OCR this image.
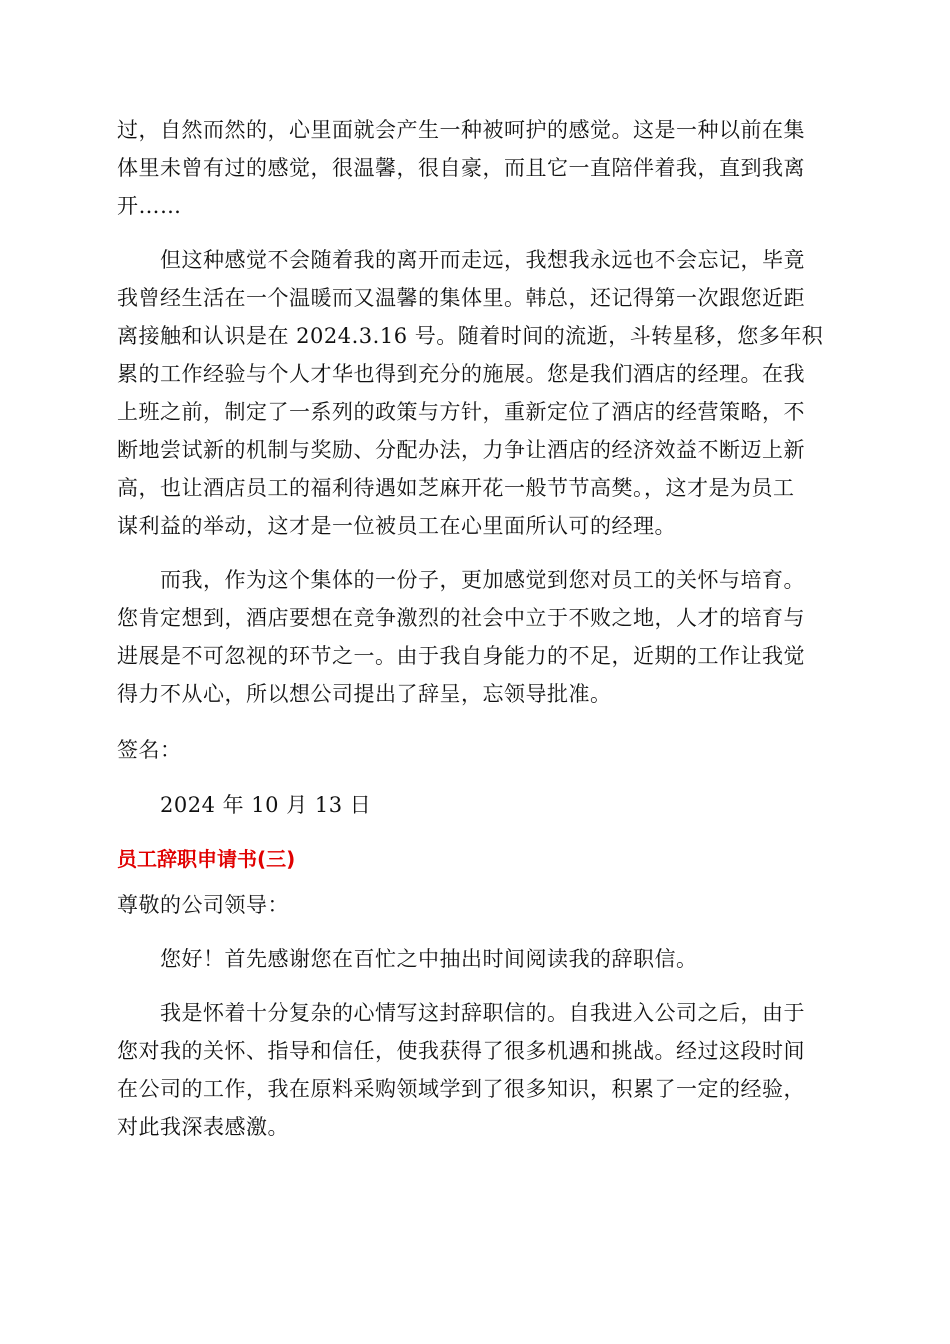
过，自然而然的，心里面就会产生一种被呵护的感觉。这是一种以前在集

体里未曾有过的感觉，很温馨，很自豪，而且它一直陪伴着我，直到我离

开……

但这种感觉不会随着我的离开而走远，我想我永远也不会忘记，毕竟

我曾经生活在一个温暖而又温馨的集体里。韩总，还记得第一次跟您近距

离接触和认识是在 2024.3.16 号。随着时间的流逝，斗转星移，您多年积

累的工作经验与个人才华也得到充分的施展。您是我们酒店的经理。在我

上班之前，制定了一系列的政策与方针，重新定位了酒店的经营策略，不

断地尝试新的机制与奖励、分配办法，力争让酒店的经济效益不断迈上新

高，也让酒店员工的福利待遇如芝麻开花一般节节高樊。，这才是为员工

谋利益的举动，这才是一位被员工在心里面所认可的经理。

而我，作为这个集体的一份子，更加感觉到您对员工的关怀与培育。

您肯定想到，酒店要想在竞争激烈的社会中立于不败之地，人才的培育与

进展是不可忽视的环节之一。由于我自身能力的不足，近期的工作让我觉

得力不从心，所以想公司提出了辞呈，忘领导批准。

签名：

2024 年 10 月 13 日

员工辞职申请书(三)

尊敬的公司领导：

您好！首先感谢您在百忙之中抽出时间阅读我的辞职信。

我是怀着十分复杂的心情写这封辞职信的。自我进入公司之后，由于

您对我的关怀、指导和信任，使我获得了很多机遇和挑战。经过这段时间

在公司的工作，我在原料采购领域学到了很多知识，积累了一定的经验，

对此我深表感激。
